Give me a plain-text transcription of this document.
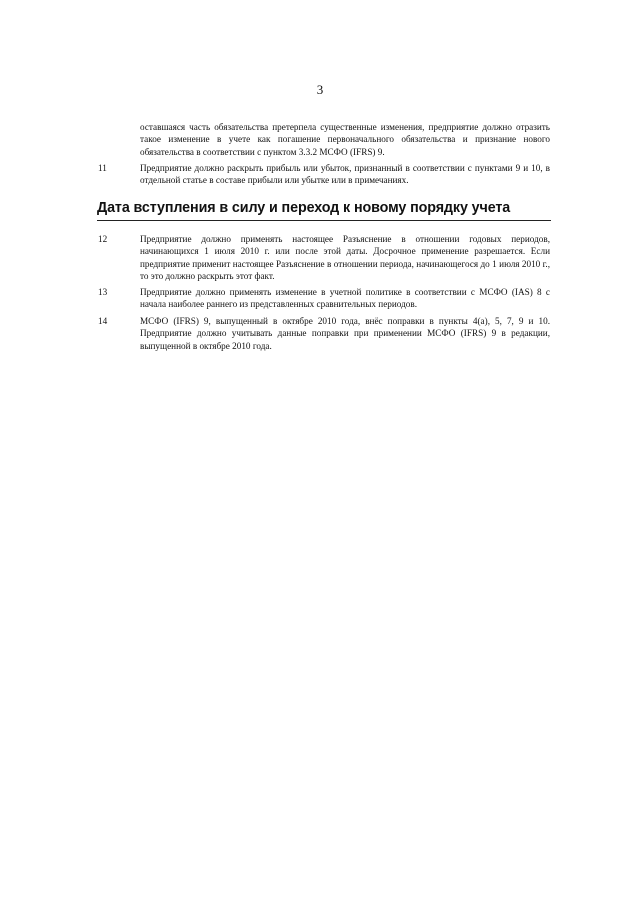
3
оставшаяся часть обязательства претерпела существенные изменения, предприятие должно отразить такое изменение в учете как погашение первоначального обязательства и признание нового обязательства в соответствии с пунктом 3.3.2 МСФО (IFRS) 9.
11	Предприятие должно раскрыть прибыль или убыток, признанный в соответствии с пунктами 9 и 10, в отдельной статье в составе прибыли или убытке или в примечаниях.
Дата вступления в силу и переход к новому порядку учета
12	Предприятие должно применять настоящее Разъяснение в отношении годовых периодов, начинающихся 1 июля 2010 г. или после этой даты. Досрочное применение разрешается. Если предприятие применит настоящее Разъяснение в отношении периода, начинающегося до 1 июля 2010 г., то это должно раскрыть этот факт.
13	Предприятие должно применять изменение в учетной политике в соответствии с МСФО (IAS) 8 с начала наиболее раннего из представленных сравнительных периодов.
14	МСФО (IFRS) 9, выпущенный в октябре 2010 года, внёс поправки в пункты 4(а), 5, 7, 9 и 10. Предприятие должно учитывать данные поправки при применении МСФО (IFRS) 9 в редакции, выпущенной в октябре 2010 года.
